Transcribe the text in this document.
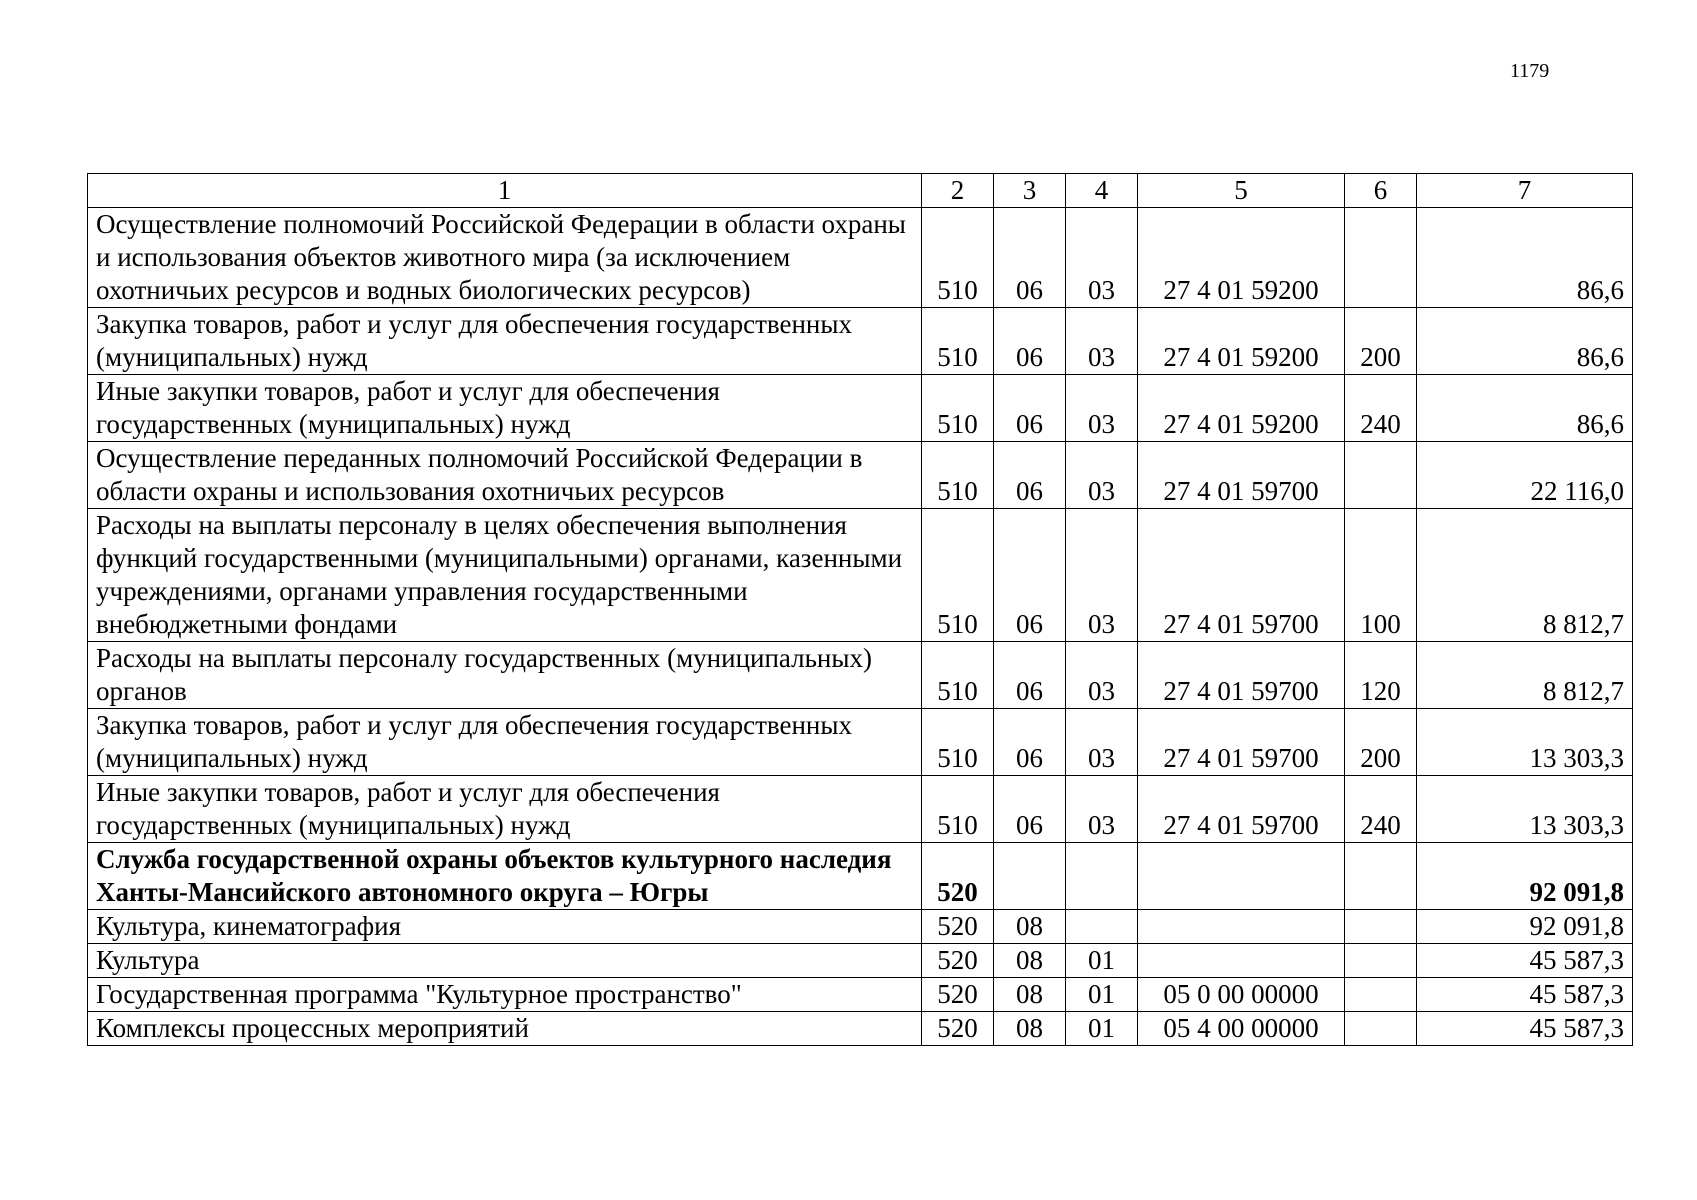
1179
1	2	3	4	5	6	7
Осуществление полномочий Российской Федерации в области охраны и использования объектов животного мира (за исключением охотничьих ресурсов и водных биологических ресурсов)	510	06	03	27 4 01 59200		86,6
Закупка товаров, работ и услуг для обеспечения государственных (муниципальных) нужд	510	06	03	27 4 01 59200	200	86,6
Иные закупки товаров, работ и услуг для обеспечения государственных (муниципальных) нужд	510	06	03	27 4 01 59200	240	86,6
Осуществление переданных полномочий Российской Федерации в области охраны и использования охотничьих ресурсов	510	06	03	27 4 01 59700		22 116,0
Расходы на выплаты персоналу в целях обеспечения выполнения функций государственными (муниципальными) органами, казенными учреждениями, органами управления государственными внебюджетными фондами	510	06	03	27 4 01 59700	100	8 812,7
Расходы на выплаты персоналу государственных (муниципальных) органов	510	06	03	27 4 01 59700	120	8 812,7
Закупка товаров, работ и услуг для обеспечения государственных (муниципальных) нужд	510	06	03	27 4 01 59700	200	13 303,3
Иные закупки товаров, работ и услуг для обеспечения государственных (муниципальных) нужд	510	06	03	27 4 01 59700	240	13 303,3
Служба государственной охраны объектов культурного наследия Ханты-Мансийского автономного округа – Югры	520					92 091,8
Культура, кинематография	520	08				92 091,8
Культура	520	08	01			45 587,3
Государственная программа "Культурное пространство"	520	08	01	05 0 00 00000		45 587,3
Комплексы процессных мероприятий	520	08	01	05 4 00 00000		45 587,3
